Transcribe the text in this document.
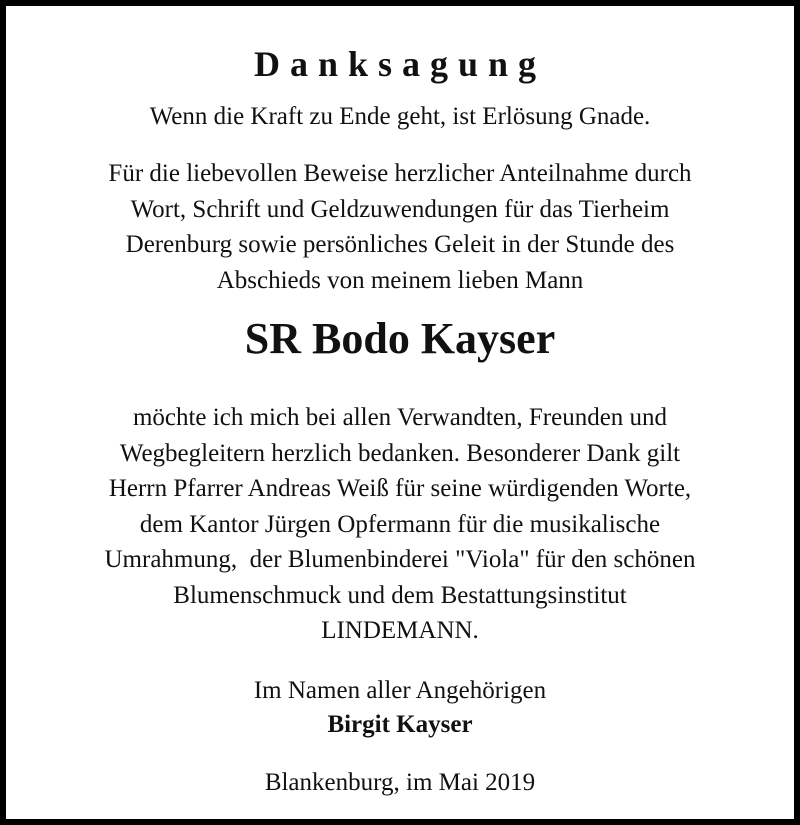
Danksagung

Wenn die Kraft zu Ende geht, ist Erlösung Gnade.

Für die liebevollen Beweise herzlicher Anteilnahme durch
Wort, Schrift und Geldzuwendungen für das Tierheim
Derenburg sowie persönliches Geleit in der Stunde des
Abschieds von meinem lieben Mann

SR Bodo Kayser

möchte ich mich bei allen Verwandten, Freunden und
Wegbegleitern herzlich bedanken. Besonderer Dank gilt
Herrn Pfarrer Andreas Weiß für seine würdigenden Worte,
dem Kantor Jürgen Opfermann für die musikalische
Umrahmung,  der Blumenbinderei "Viola" für den schönen
Blumenschmuck und dem Bestattungsinstitut
LINDEMANN.

Im Namen aller Angehörigen

Birgit Kayser

Blankenburg, im Mai 2019
